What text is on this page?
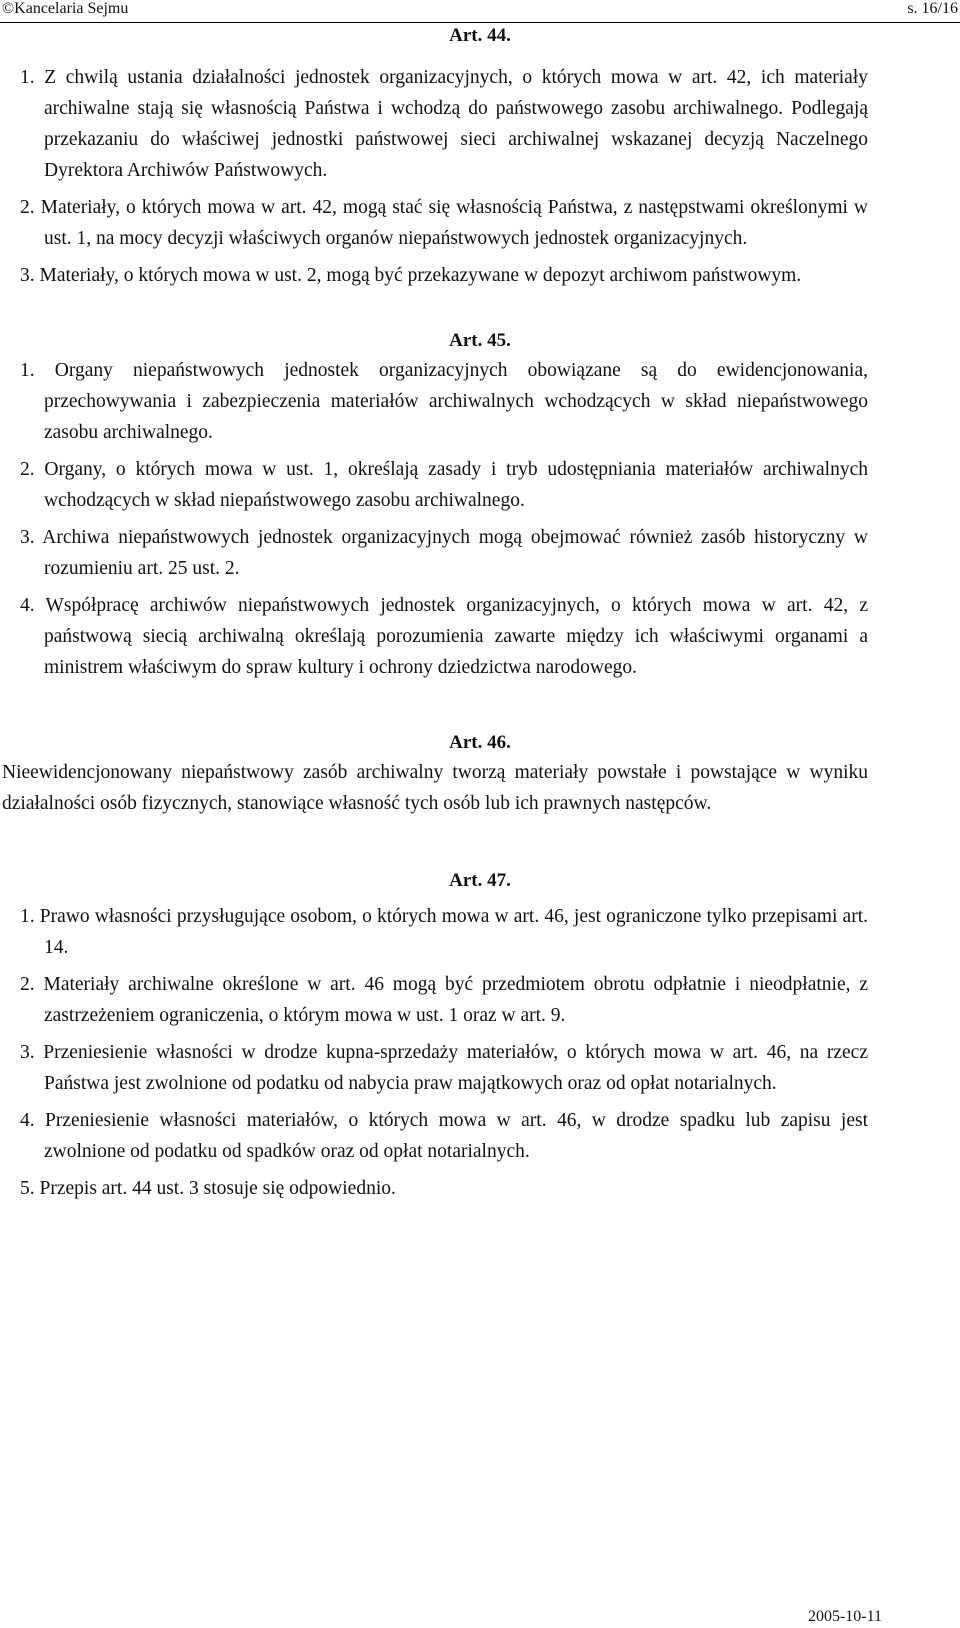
©Kancelaria Sejmu	s. 16/16

Art. 44.

1. Z chwilą ustania działalności jednostek organizacyjnych, o których mowa w art. 42, ich materiały archiwalne stają się własnością Państwa i wchodzą do państwowego zasobu archiwalnego. Podlegają przekazaniu do właściwej jednostki państwowej sieci archiwalnej wskazanej decyzją Naczelnego Dyrektora Archiwów Państwowych.

2. Materiały, o których mowa w art. 42, mogą stać się własnością Państwa, z następstwami określonymi w ust. 1, na mocy decyzji właściwych organów niepaństwowych jednostek organizacyjnych.

3. Materiały, o których mowa w ust. 2, mogą być przekazywane w depozyt archiwom państwowym.

Art. 45.

1. Organy niepaństwowych jednostek organizacyjnych obowiązane są do ewidencjonowania, przechowywania i zabezpieczenia materiałów archiwalnych wchodzących w skład niepaństwowego zasobu archiwalnego.

2. Organy, o których mowa w ust. 1, określają zasady i tryb udostępniania materiałów archiwalnych wchodzących w skład niepaństwowego zasobu archiwalnego.

3. Archiwa niepaństwowych jednostek organizacyjnych mogą obejmować również zasób historyczny w rozumieniu art. 25 ust. 2.

4. Współpracę archiwów niepaństwowych jednostek organizacyjnych, o których mowa w art. 42, z państwową siecią archiwalną określają porozumienia zawarte między ich właściwymi organami a ministrem właściwym do spraw kultury i ochrony dziedzictwa narodowego.

Art. 46.

Nieewidencjonowany niepaństwowy zasób archiwalny tworzą materiały powstałe i powstające w wyniku działalności osób fizycznych, stanowiące własność tych osób lub ich prawnych następców.

Art. 47.

1. Prawo własności przysługujące osobom, o których mowa w art. 46, jest ograniczone tylko przepisami art. 14.

2. Materiały archiwalne określone w art. 46 mogą być przedmiotem obrotu odpłatnie i nieodpłatnie, z zastrzeżeniem ograniczenia, o którym mowa w ust. 1 oraz w art. 9.

3. Przeniesienie własności w drodze kupna-sprzedaży materiałów, o których mowa w art. 46, na rzecz Państwa jest zwolnione od podatku od nabycia praw majątkowych oraz od opłat notarialnych.

4. Przeniesienie własności materiałów, o których mowa w art. 46, w drodze spadku lub zapisu jest zwolnione od podatku od spadków oraz od opłat notarialnych.

5. Przepis art. 44 ust. 3 stosuje się odpowiednio.

2005-10-11
